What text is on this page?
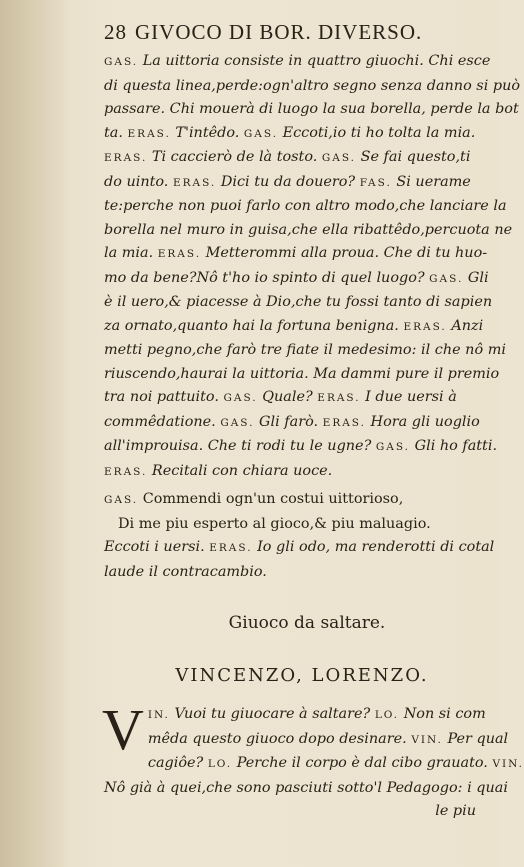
28 GIVOCO DI BOR. DIVERSO.
GAS. La uittoria consiste in quattro giuochi. Chi esce
di questa linea,perde:ogn'altro segno senza danno si può
passare. Chi mouerà di luogo la sua borella, perde la bot
ta. ERAS. T'intêdo. GAS. Eccoti,io ti ho tolta la mia.
ERAS. Ti caccierò de là tosto. GAS. Se fai questo,ti
do uinto. ERAS. Dici tu da douero? FAS. Si uerame
te:perche non puoi farlo con altro modo,che lanciare la
borella nel muro in guisa,che ella ribattêdo,percuota ne
la mia. ERAS. Metterommi alla proua. Che di tu huo-
mo da bene?Nô t'ho io spinto di quel luogo? GAS. Gli
è il uero,& piacesse à Dio,che tu fossi tanto di sapien
za ornato,quanto hai la fortuna benigna. ERAS. Anzi
metti pegno,che farò tre fiate il medesimo: il che nô mi
riuscendo,haurai la uittoria. Ma dammi pure il premio
tra noi pattuito. GAS. Quale? ERAS. I due uersi à
commêdatione. GAS. Gli farò. ERAS. Hora gli uoglio
all'improuisa. Che ti rodi tu le ugne? GAS. Gli ho fatti.
ERAS. Recitali con chiara uoce.
GAS. Commendi ogn'un costui uittorioso,
Di me piu esperto al gioco,& piu maluagio.
Eccoti i uersi. ERAS. Io gli odo, ma renderotti di cotal
laude il contracambio.
Giuoco da saltare.
VINCENZO, LORENZO.
V IN. Vuoi tu giuocare à saltare? LO. Non si com
mêda questo giuoco dopo desinare. VIN. Per qual
cagiôe? LO. Perche il corpo è dal cibo grauato. VIN.
Nô già à quei,che sono pasciuti sotto'l Pedagogo: i quai
le piu
